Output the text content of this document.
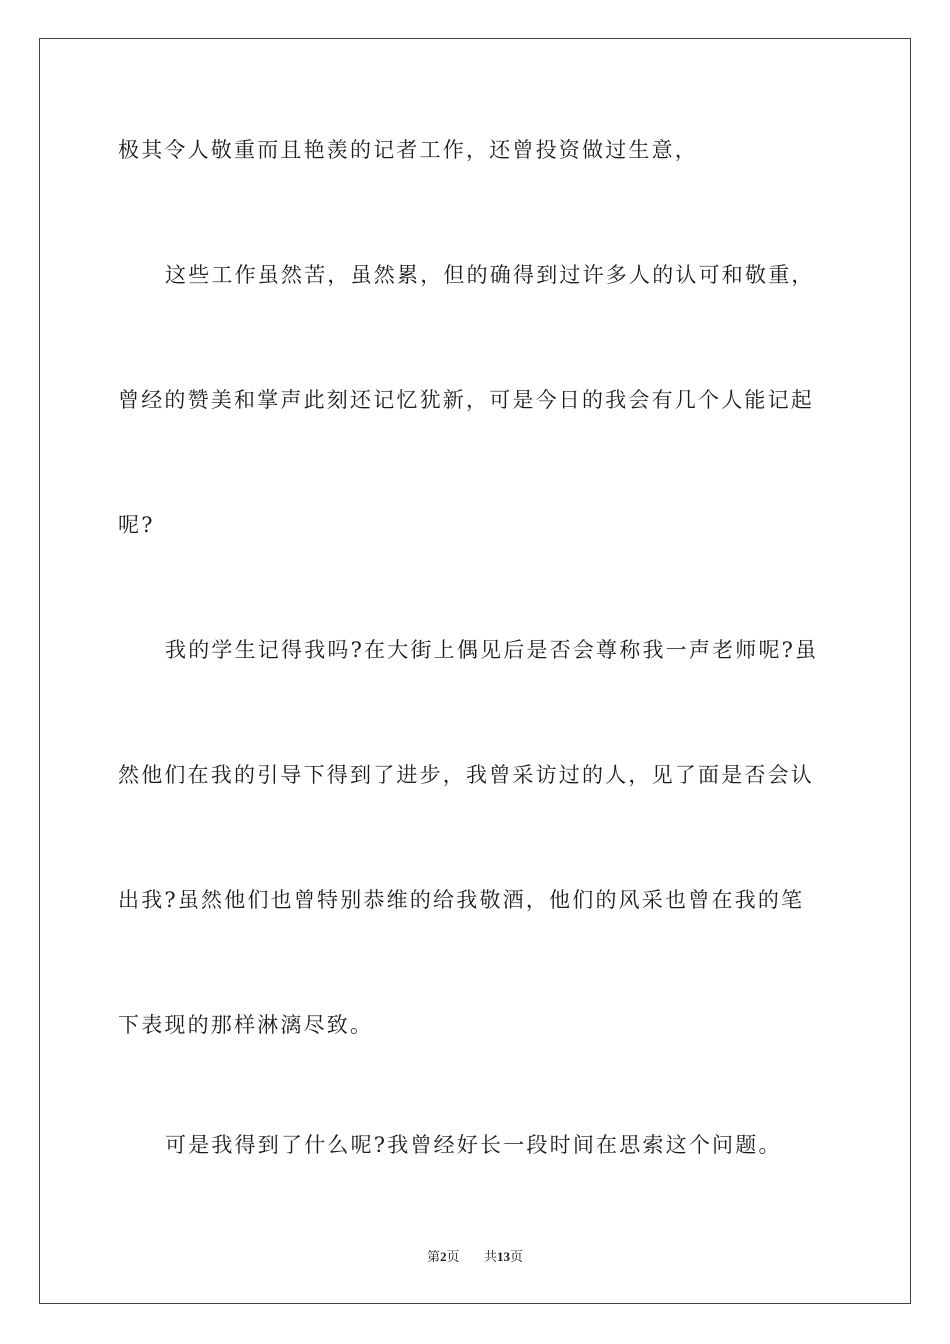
极其令人敬重而且艳羡的记者工作，还曾投资做过生意，
这些工作虽然苦，虽然累，但的确得到过许多人的认可和敬重，
曾经的赞美和掌声此刻还记忆犹新，可是今日的我会有几个人能记起
呢?
我的学生记得我吗?在大街上偶见后是否会尊称我一声老师呢?虽
然他们在我的引导下得到了进步，我曾采访过的人，见了面是否会认
出我?虽然他们也曾特别恭维的给我敬酒，他们的风采也曾在我的笔
下表现的那样淋漓尽致。
可是我得到了什么呢?我曾经好长一段时间在思索这个问题。
第2页 共13页
